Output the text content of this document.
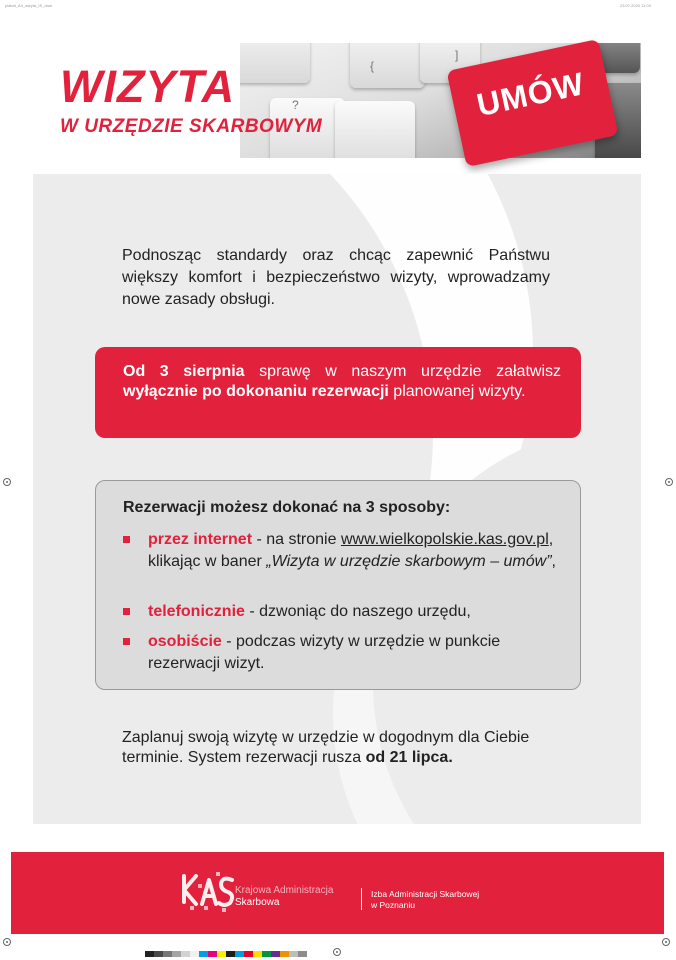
plakat_A4_wizyta_IS_druk	23.07.2020 11:03
?
{
]
UMÓW
WIZYTA
W URZĘDZIE SKARBOWYM

Podnosząc standardy oraz chcąc zapewnić Państwu większy komfort i bezpieczeństwo wizyty, wprowadzamy nowe zasady obsługi.

Od 3 sierpnia sprawę w naszym urzędzie załatwisz wyłącznie po dokonaniu rezerwacji planowanej wizyty.

Rezerwacji możesz dokonać na 3 sposoby:

przez internet - na stronie www.wielkopolskie.kas.gov.pl, klikając w baner „Wizyta w urzędzie skarbowym – umów”,
telefonicznie - dzwoniąc do naszego urzędu,
osobiście - podczas wizyty w urzędzie w punkcie rezerwacji wizyt.

Zaplanuj swoją wizytę w urzędzie w dogodnym dla Ciebie terminie. System rezerwacji rusza od 21 lipca.

Krajowa Administracja
Skarbowa
Izba Administracji Skarbowej
w Poznaniu
